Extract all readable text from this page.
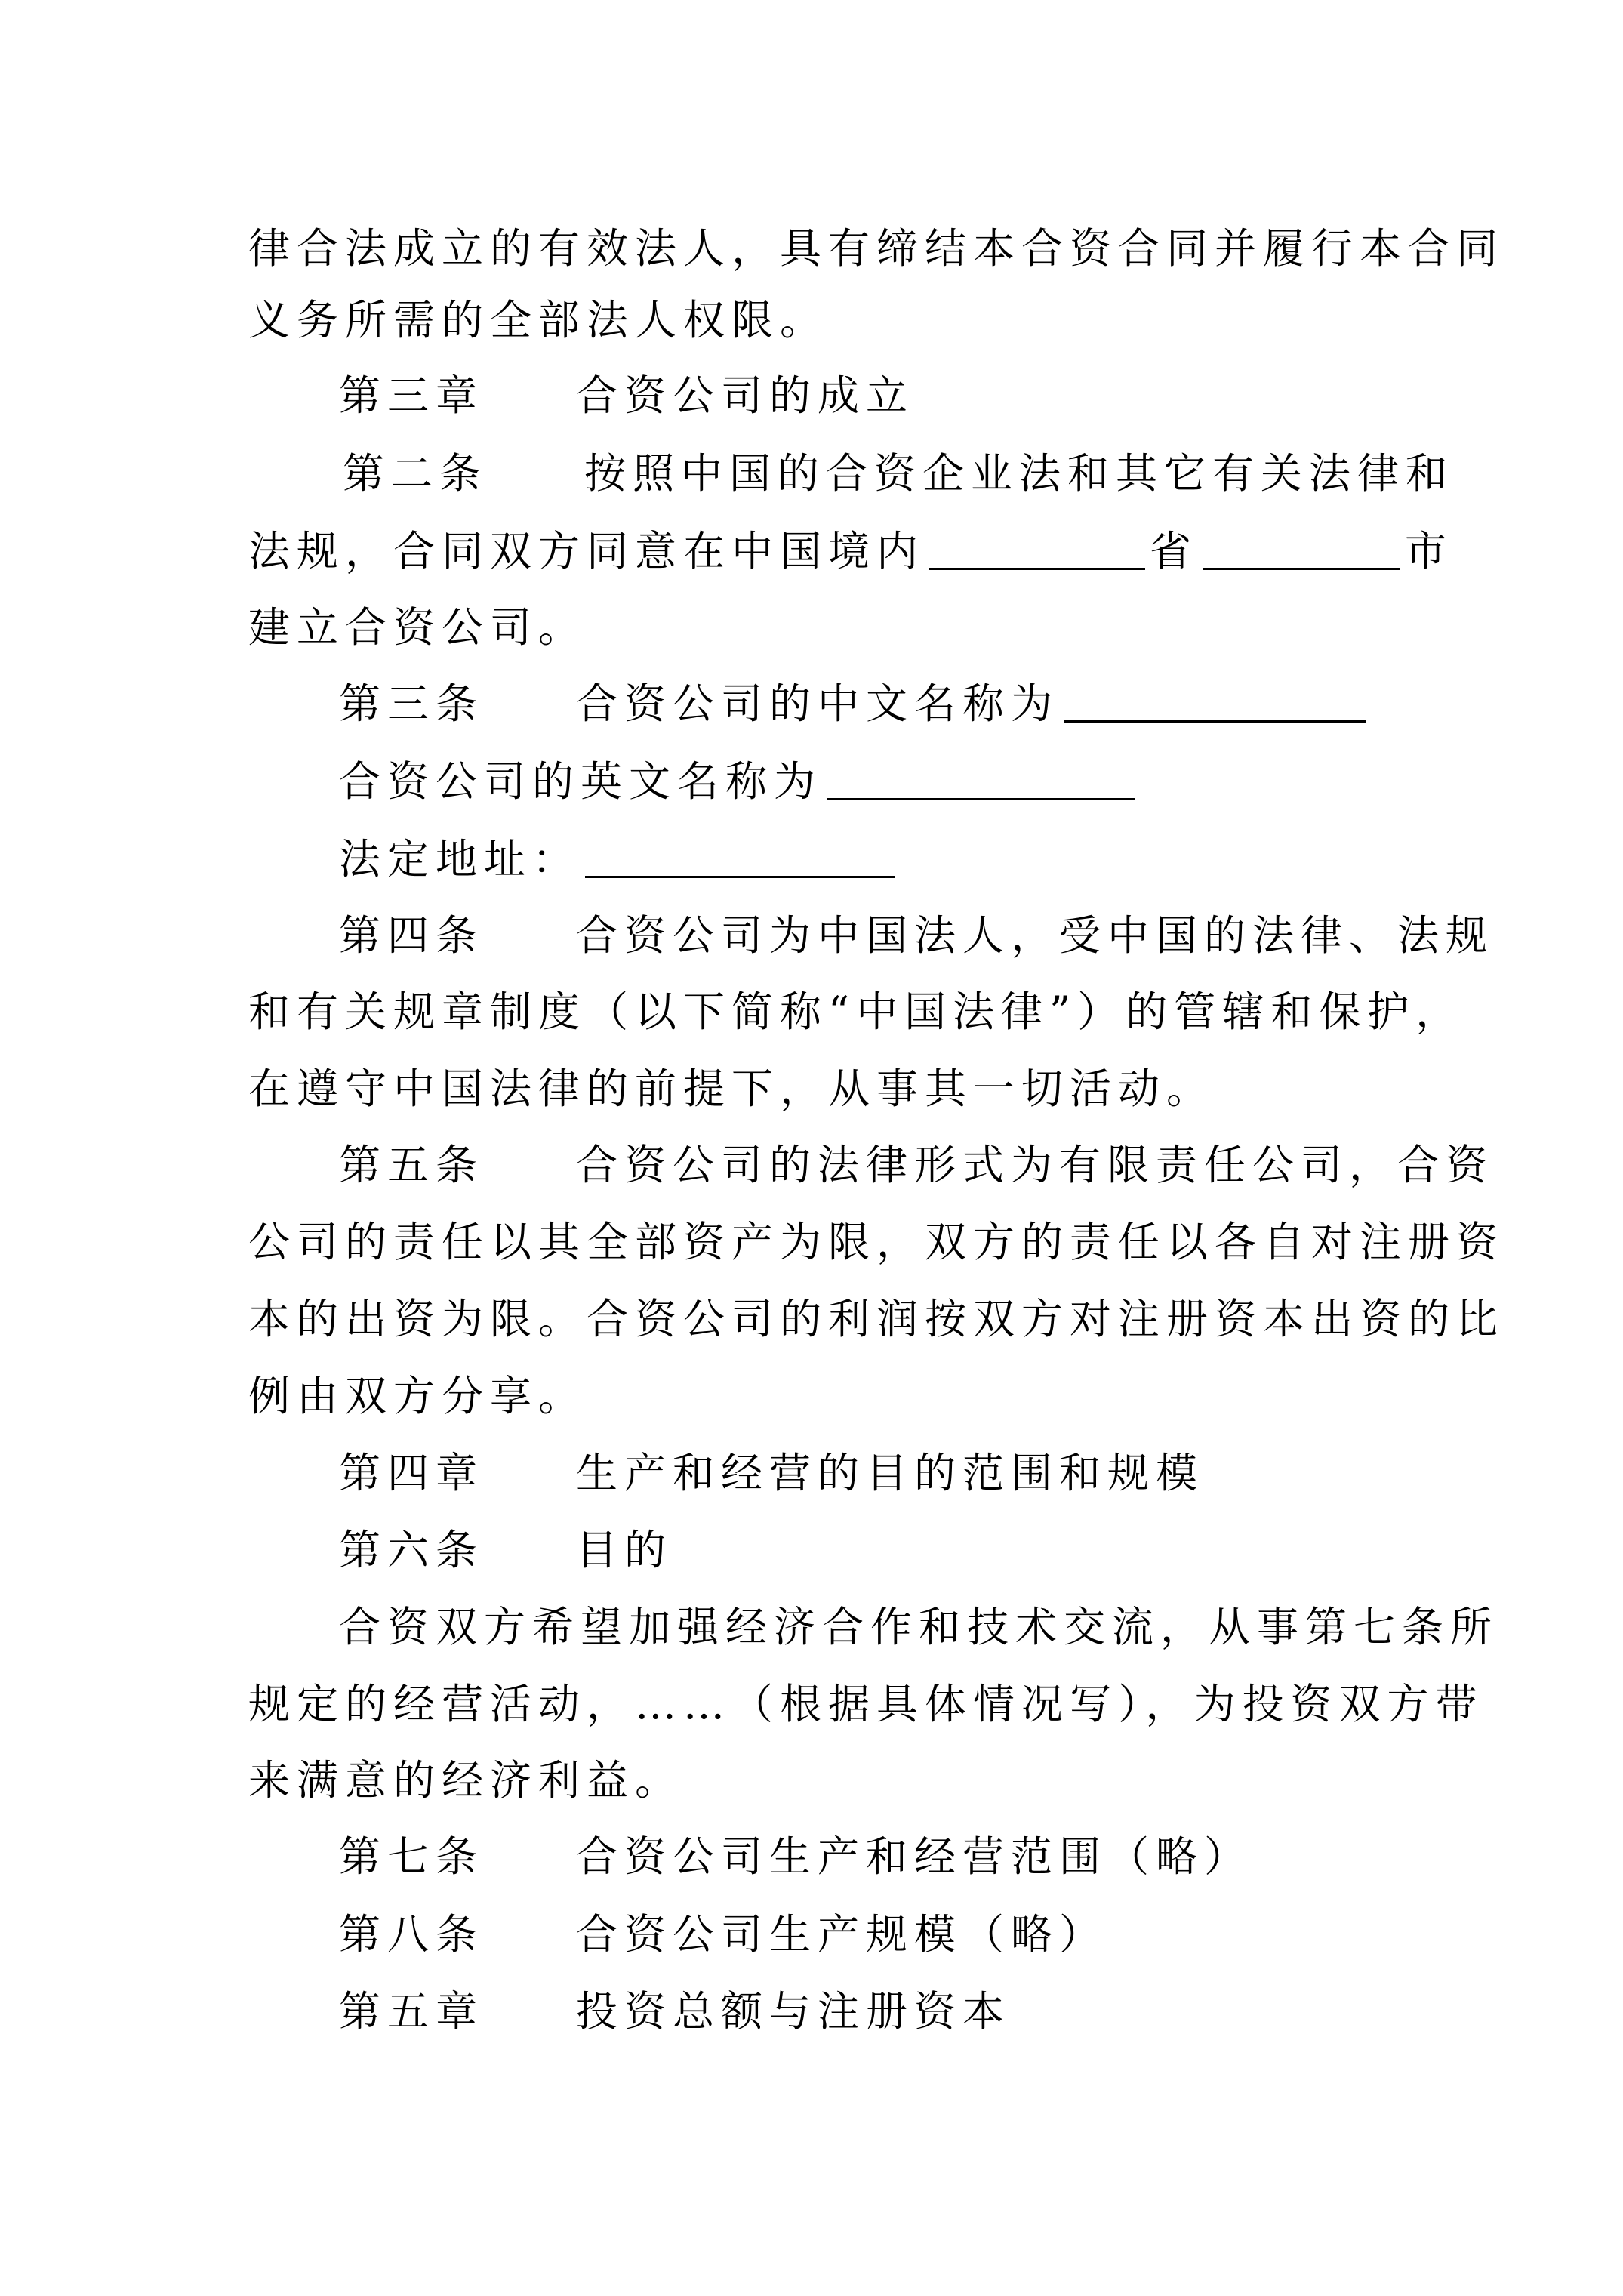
律合法成立的有效法人，具有缔结本合资合同并履行本合同
义务所需的全部法人权限。
第三章 合资公司的成立
第二条 按照中国的合资企业法和其它有关法律和
法规，合同双方同意在中国境内	省	市
建立合资公司。
第三条 合资公司的中文名称为
合资公司的英文名称为
法定地址：
第四条 合资公司为中国法人，受中国的法律、法规
和有关规章制度（以下简称“中国法律”）的管辖和保护，
在遵守中国法律的前提下，从事其一切活动。
第五条 合资公司的法律形式为有限责任公司，合资
公司的责任以其全部资产为限，双方的责任以各自对注册资
本的出资为限。合资公司的利润按双方对注册资本出资的比
例由双方分享。
第四章 生产和经营的目的范围和规模
第六条 目的
合资双方希望加强经济合作和技术交流，从事第七条所
规定的经营活动，……（根据具体情况写），为投资双方带
来满意的经济利益。
第七条 合资公司生产和经营范围（略）
第八条 合资公司生产规模（略）
第五章 投资总额与注册资本
